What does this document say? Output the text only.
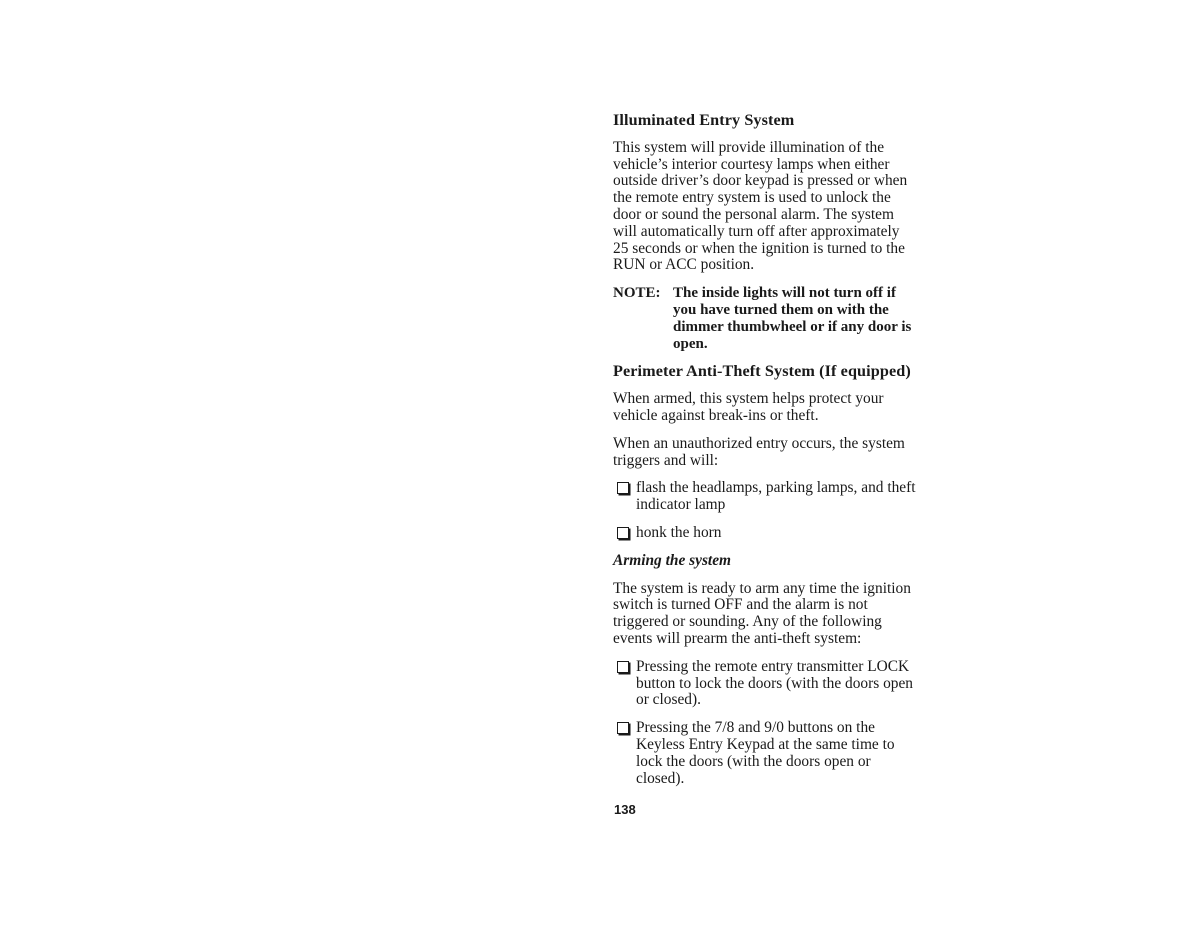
Illuminated Entry System
This system will provide illumination of the
vehicle’s interior courtesy lamps when either
outside driver’s door keypad is pressed or when
the remote entry system is used to unlock the
door or sound the personal alarm. The system
will automatically turn off after approximately
25 seconds or when the ignition is turned to the
RUN or ACC position.
NOTE: The inside lights will not turn off if
you have turned them on with the
dimmer thumbwheel or if any door is
open.
Perimeter Anti-Theft System (If equipped)
When armed, this system helps protect your
vehicle against break-ins or theft.
When an unauthorized entry occurs, the system
triggers and will:
flash the headlamps, parking lamps, and theft
indicator lamp
honk the horn
Arming the system
The system is ready to arm any time the ignition
switch is turned OFF and the alarm is not
triggered or sounding. Any of the following
events will prearm the anti-theft system:
Pressing the remote entry transmitter LOCK
button to lock the doors (with the doors open
or closed).
Pressing the 7/8 and 9/0 buttons on the
Keyless Entry Keypad at the same time to
lock the doors (with the doors open or
closed).
138
